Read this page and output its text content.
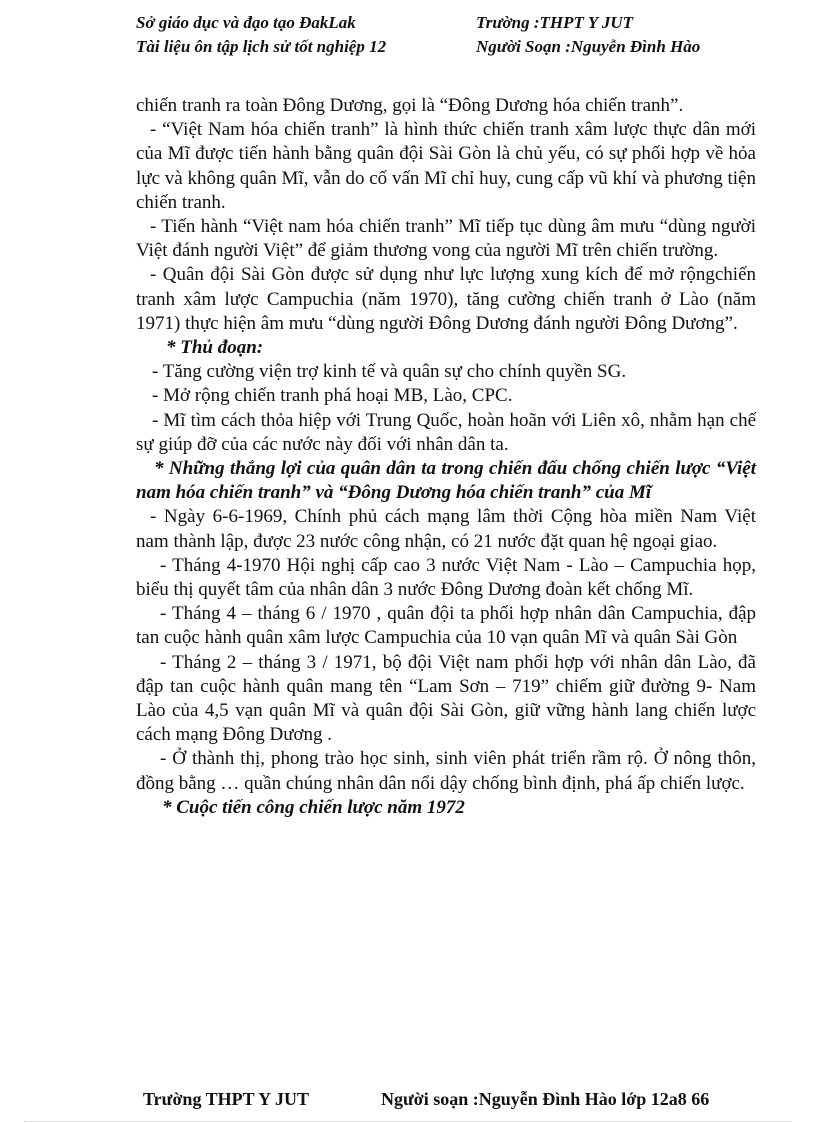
Sở giáo dục và đạo tạo ĐakLak	Trường :THPT Y JUT
Tài liệu ôn tập lịch sử tốt nghiệp 12	Người Soạn :Nguyễn Đình Hào

chiến tranh ra toàn Đông Dương, gọi là “Đông Dương hóa chiến tranh”.

- “Việt Nam hóa chiến tranh” là hình thức chiến tranh xâm lược thực dân mới của Mĩ được tiến hành bằng quân đội Sài Gòn là chủ yếu, có sự phối hợp về hỏa lực và không quân Mĩ, vẫn do cố vấn Mĩ chỉ huy, cung cấp vũ khí và phương tiện chiến tranh.

- Tiến hành “Việt nam hóa chiến tranh” Mĩ tiếp tục dùng âm mưu “dùng người Việt đánh người Việt” để giảm thương vong của người Mĩ trên chiến trường.

- Quân đội Sài Gòn được sử dụng như lực lượng xung kích để mở rộngchiến tranh xâm lược Campuchia (năm 1970), tăng cường chiến tranh ở Lào (năm 1971) thực hiện âm mưu “dùng người Đông Dương đánh người Đông Dương”.

* Thủ đoạn:

- Tăng cường viện trợ kinh tế và quân sự cho chính quyền SG.

- Mở rộng chiến tranh phá hoại MB, Lào, CPC.

- Mĩ tìm cách thỏa hiệp với Trung Quốc, hoàn hoãn với Liên xô, nhằm hạn chế sự giúp đỡ của các nước này đối với nhân dân ta.

* Những thắng lợi của quân dân ta trong chiến đấu chống chiến lược “Việt nam hóa chiến tranh” và “Đông Dương hóa chiến tranh” của Mĩ

- Ngày 6-6-1969, Chính phủ cách mạng lâm thời Cộng hòa miền Nam Việt nam thành lập, được 23 nước công nhận, có 21 nước đặt quan hệ ngoại giao.

- Tháng 4-1970 Hội nghị cấp cao 3 nước Việt Nam - Lào – Campuchia họp, biểu thị quyết tâm của nhân dân 3 nước Đông Dương đoàn kết chống Mĩ.

- Tháng 4 – tháng 6 / 1970 , quân đội ta phối hợp nhân dân Campuchia, đập tan cuộc hành quân xâm lược Campuchia của 10 vạn quân Mĩ và quân Sài Gòn

- Tháng 2 – tháng 3 / 1971, bộ đội Việt nam phối hợp với nhân dân Lào, đã đập tan cuộc hành quân mang tên “Lam Sơn – 719” chiếm giữ đường 9- Nam Lào của 4,5 vạn quân Mĩ và quân đội Sài Gòn, giữ vững hành lang chiến lược cách mạng Đông Dương .

- Ở thành thị, phong trào học sinh, sinh viên phát triển rầm rộ. Ở nông thôn, đồng bằng … quần chúng nhân dân nổi dậy chống bình định, phá ấp chiến lược.

* Cuộc tiến công chiến lược năm 1972

Trường THPT Y JUT	Người soạn :Nguyễn Đình Hào lớp 12a8 66
